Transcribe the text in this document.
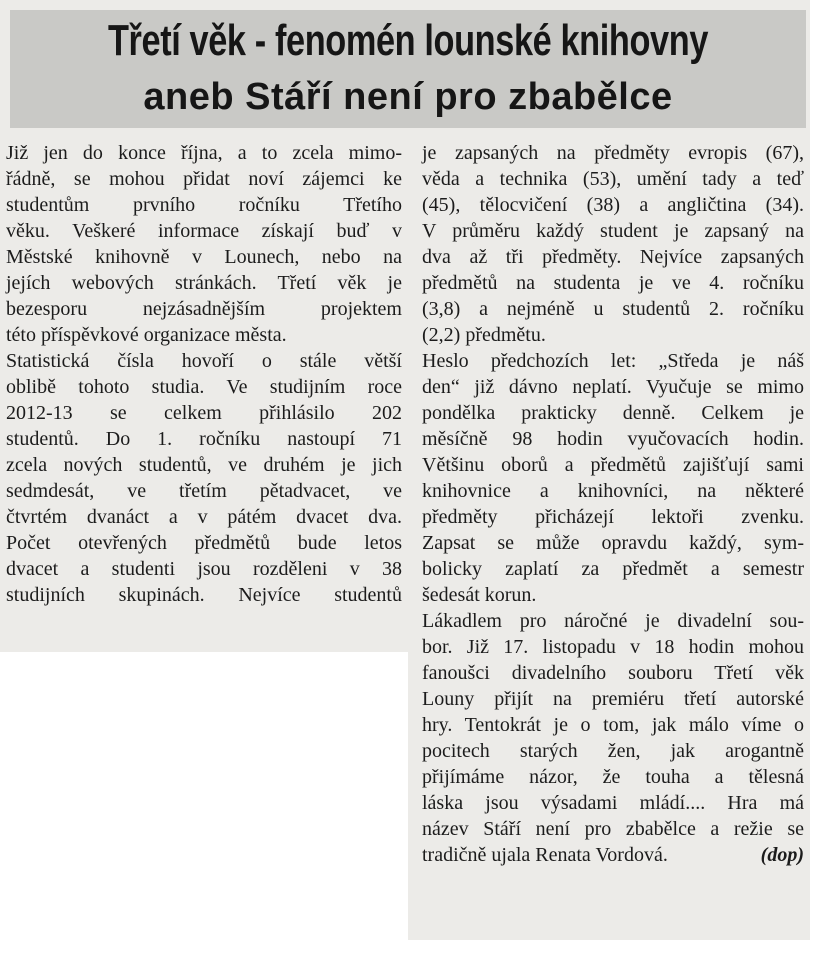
Třetí věk - fenomén lounské knihovny
aneb Stáří není pro zbabělce
Již jen do konce října, a to zcela mimo-
řádně, se mohou přidat noví zájemci ke
studentům prvního ročníku Třetího
věku. Veškeré informace získají buď v
Městské knihovně v Lounech, nebo na
jejích webových stránkách. Třetí věk je
bezesporu nejzásadnějším projektem
této příspěvkové organizace města.
Statistická čísla hovoří o stále větší
oblibě tohoto studia. Ve studijním roce
2012-13 se celkem přihlásilo 202
studentů. Do 1. ročníku nastoupí 71
zcela nových studentů, ve druhém je jich
sedmdesát, ve třetím pětadvacet, ve
čtvrtém dvanáct a v pátém dvacet dva.
Počet otevřených předmětů bude letos
dvacet a studenti jsou rozděleni v 38
studijních skupinách. Nejvíce studentů
je zapsaných na předměty evropis (67),
věda a technika (53), umění tady a teď
(45), tělocvičení (38) a angličtina (34).
V průměru každý student je zapsaný na
dva až tři předměty. Nejvíce zapsaných
předmětů na studenta je ve 4. ročníku
(3,8) a nejméně u studentů 2. ročníku
(2,2) předmětu.
Heslo předchozích let: „Středa je náš
den“ již dávno neplatí. Vyučuje se mimo
pondělka prakticky denně. Celkem je
měsíčně 98 hodin vyučovacích hodin.
Většinu oborů a předmětů zajišťují sami
knihovnice a knihovníci, na některé
předměty přicházejí lektoři zvenku.
Zapsat se může opravdu každý, sym-
bolicky zaplatí za předmět a semestr
šedesát korun.
Lákadlem pro náročné je divadelní sou-
bor. Již 17. listopadu v 18 hodin mohou
fanoušci divadelního souboru Třetí věk
Louny přijít na premiéru třetí autorské
hry. Tentokrát je o tom, jak málo víme o
pocitech starých žen, jak arogantně
přijímáme názor, že touha a tělesná
láska jsou výsadami mládí.... Hra má
název Stáří není pro zbabělce a režie se
tradičně ujala Renata Vordová.	(dop)
